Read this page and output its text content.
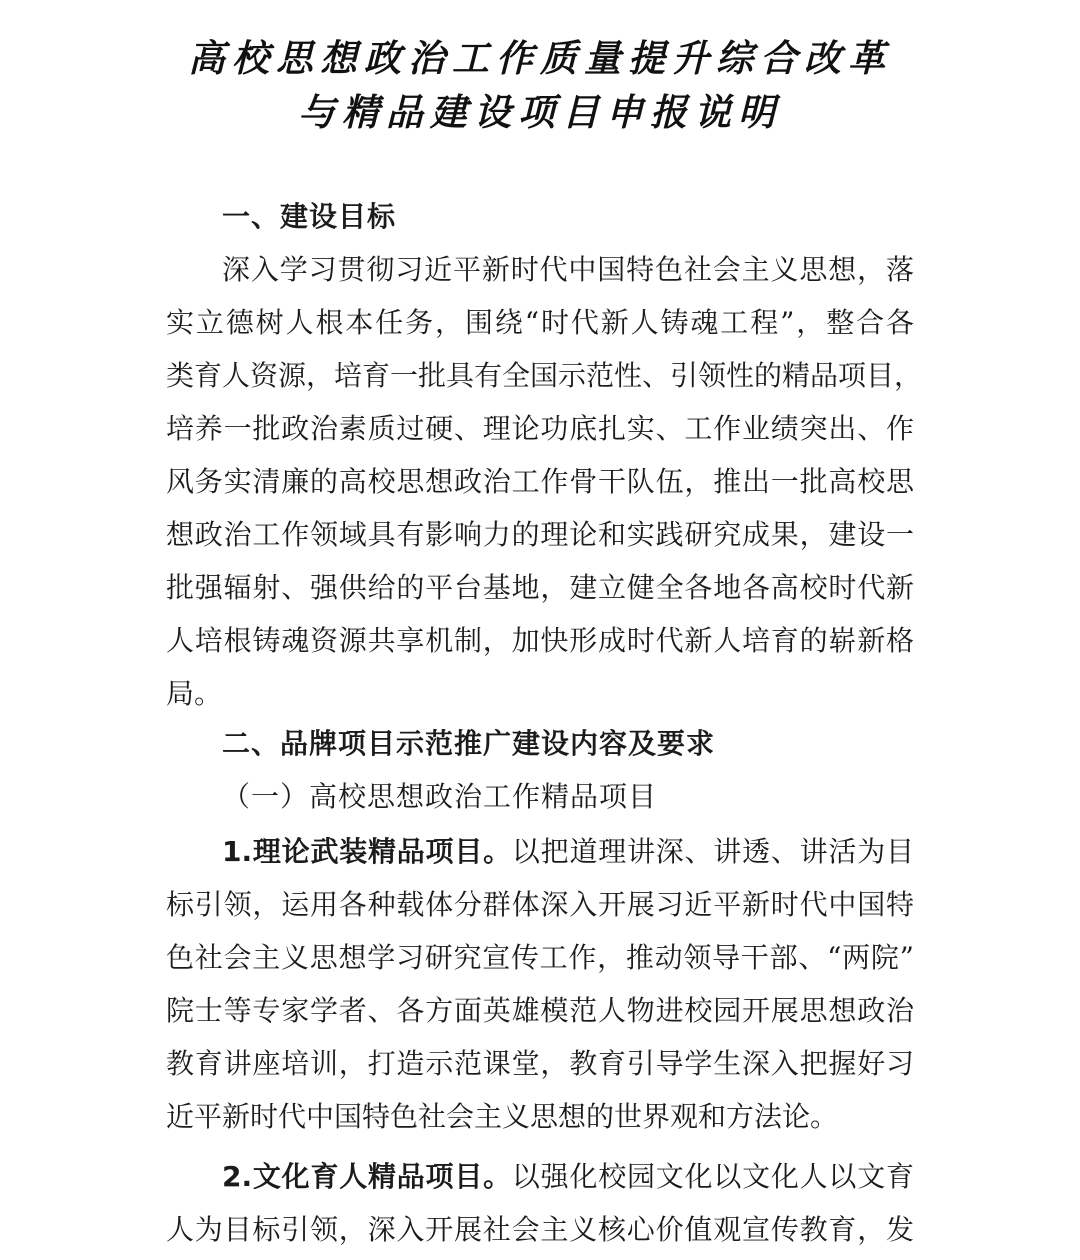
高校思想政治工作质量提升综合改革
与精品建设项目申报说明
一、建设目标
深入学习贯彻习近平新时代中国特色社会主义思想，落
实立德树人根本任务，围绕“时代新人铸魂工程”，整合各
类育人资源，培育一批具有全国示范性、引领性的精品项目，
培养一批政治素质过硬、理论功底扎实、工作业绩突出、作
风务实清廉的高校思想政治工作骨干队伍，推出一批高校思
想政治工作领域具有影响力的理论和实践研究成果，建设一
批强辐射、强供给的平台基地，建立健全各地各高校时代新
人培根铸魂资源共享机制，加快形成时代新人培育的崭新格
局。
二、品牌项目示范推广建设内容及要求
（一）高校思想政治工作精品项目
1.理论武装精品项目。以把道理讲深、讲透、讲活为目
标引领，运用各种载体分群体深入开展习近平新时代中国特
色社会主义思想学习研究宣传工作，推动领导干部、“两院”
院士等专家学者、各方面英雄模范人物进校园开展思想政治
教育讲座培训，打造示范课堂，教育引导学生深入把握好习
近平新时代中国特色社会主义思想的世界观和方法论。
2.文化育人精品项目。以强化校园文化以文化人以文育
人为目标引领，深入开展社会主义核心价值观宣传教育，发
